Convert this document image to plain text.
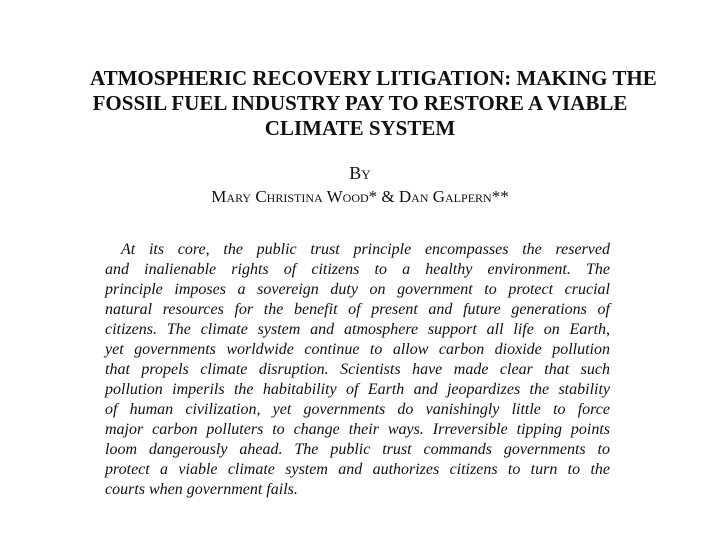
ATMOSPHERIC RECOVERY LITIGATION: MAKING THE
FOSSIL FUEL INDUSTRY PAY TO RESTORE A VIABLE
CLIMATE SYSTEM
By
Mary Christina Wood* & Dan Galpern**
At its core, the public trust principle encompasses the reserved
and inalienable rights of citizens to a healthy environment. The
principle imposes a sovereign duty on government to protect crucial
natural resources for the benefit of present and future generations of
citizens. The climate system and atmosphere support all life on Earth,
yet governments worldwide continue to allow carbon dioxide pollution
that propels climate disruption. Scientists have made clear that such
pollution imperils the habitability of Earth and jeopardizes the stability
of human civilization, yet governments do vanishingly little to force
major carbon polluters to change their ways. Irreversible tipping points
loom dangerously ahead. The public trust commands governments to
protect a viable climate system and authorizes citizens to turn to the
courts when government fails.
